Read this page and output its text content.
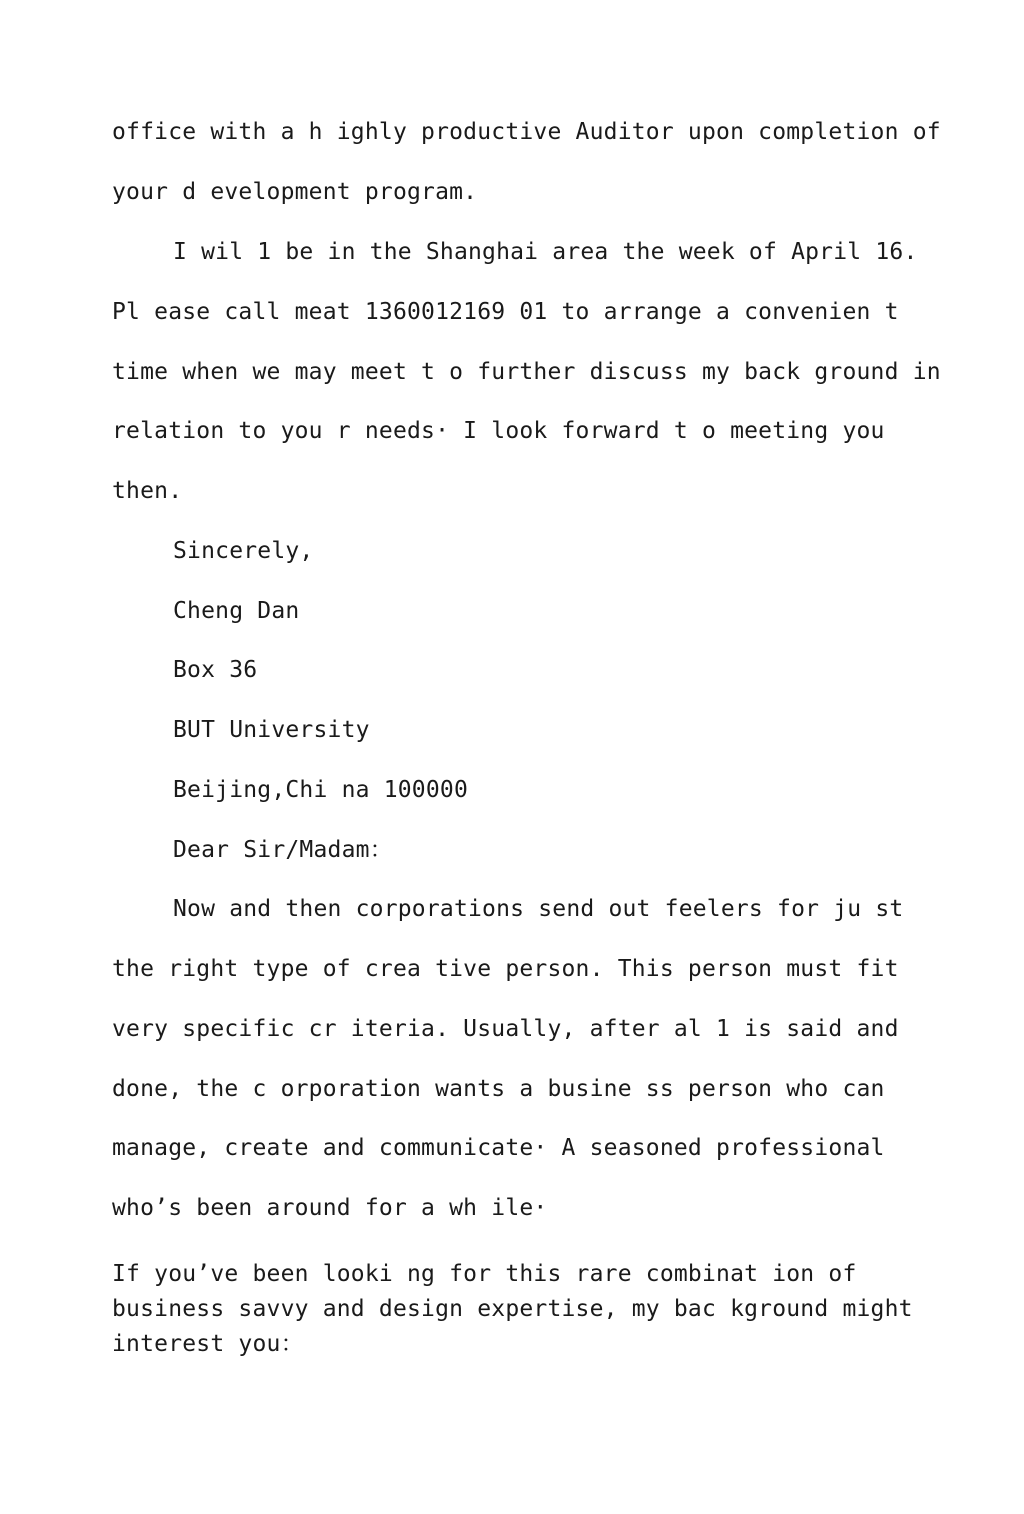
office with a h ighly productive Auditor upon completion of
your d evelopment program.
I wil 1 be in the Shanghai area the week of April 16.
Pl ease call meat 1360012169 01 to arrange a convenien t
time when we may meet t o further discuss my back ground in
relation to you r needs· I look forward t o meeting you
then.
Sincerely,
Cheng Dan
Box 36
BUT University
Beijing,Chi na 100000
Dear Sir/Madam：
Now and then corporations send out feelers for ju st
the right type of crea tive person. This person must fit
very specific cr iteria. Usually, after al 1 is said and
done, the c orporation wants a busine ss person who can
manage, create and communicate· A seasoned professional
who’s been around for a wh ile·
If you’ve been looki ng for this rare combinat ion of
business savvy and design expertise, my bac kground might
interest you：
